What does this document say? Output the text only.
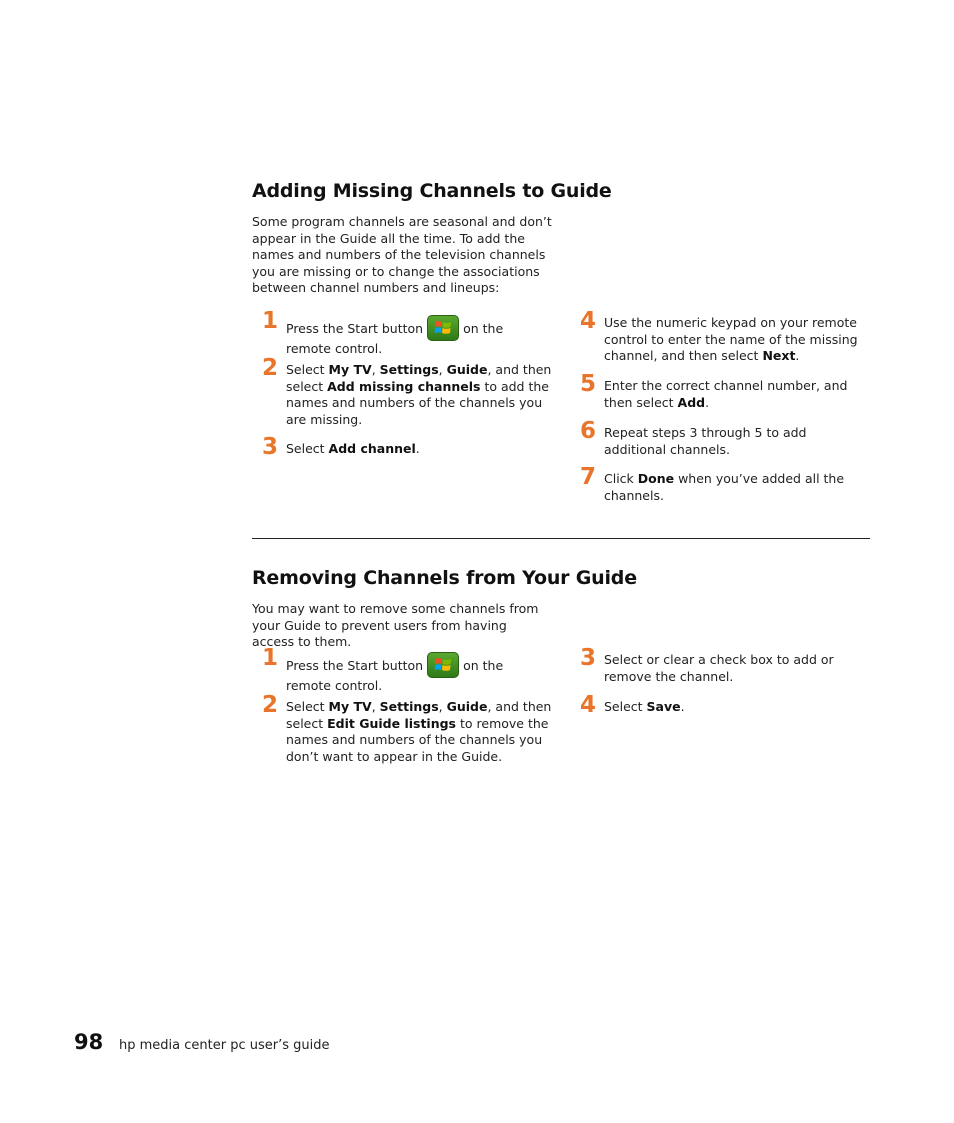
Adding Missing Channels to Guide

Some program channels are seasonal and don’t appear in the Guide all the time. To add the names and numbers of the television channels you are missing or to change the associations between channel numbers and lineups:

1 Press the Start button	on the remote control.

2 Select My TV, Settings, Guide, and then select Add missing channels to add the names and numbers of the channels you are missing.

3 Select Add channel.

4 Use the numeric keypad on your remote control to enter the name of the missing channel, and then select Next.

5 Enter the correct channel number, and then select Add.

6 Repeat steps 3 through 5 to add additional channels.

7 Click Done when you’ve added all the channels.

Removing Channels from Your Guide

You may want to remove some channels from your Guide to prevent users from having access to them.

1 Press the Start button	on the remote control.

2 Select My TV, Settings, Guide, and then select Edit Guide listings to remove the names and numbers of the channels you don’t want to appear in the Guide.

3 Select or clear a check box to add or remove the channel.

4 Select Save.

98 hp media center pc user’s guide
